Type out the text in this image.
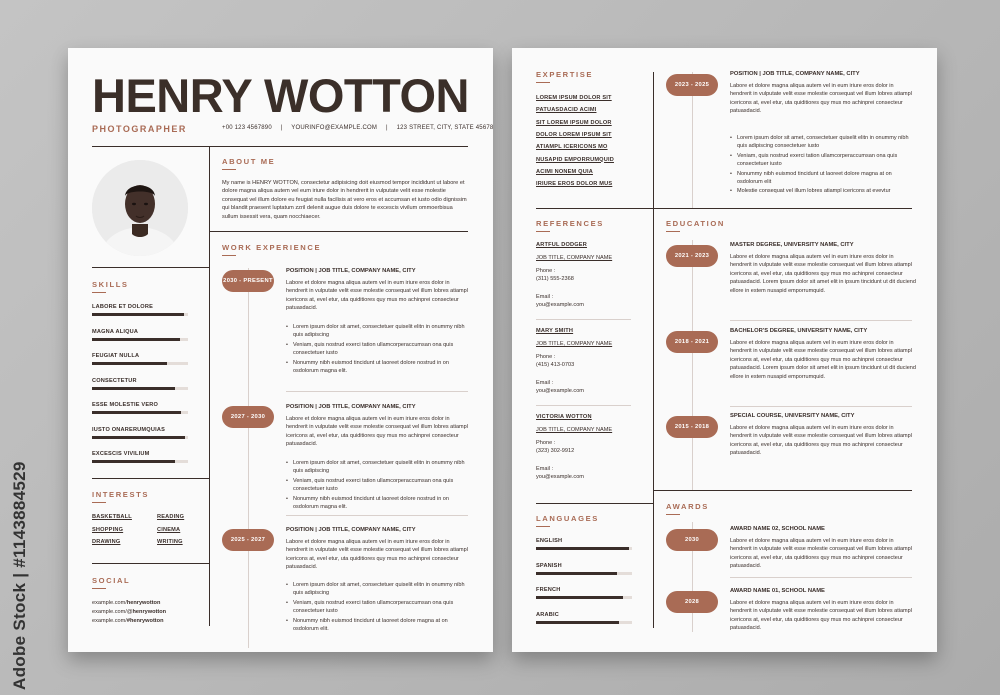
HENRY WOTTON
PHOTOGRAPHER	+00 123 4567890 | YOURINFO@EXAMPLE.COM | 123 STREET, CITY, STATE 45678
ABOUT ME
My name is HENRY WOTTON, consectetur adipisicing doit eiusmod tempor incididunt ut labore et dolore magna aliqua autem vel eum iriure dolor in hendrerit in vulputate velit esse molestie consequat vel illum dolore eu feugiat nulla facilisis at vero eros et accumsan et iusto odio dignissim qui blandit praesent luptatum zzril delenit augue duis dolore te excescis vivilum ommoerbisua sullum issessit vera, quam nocchiaecer.
WORK EXPERIENCE
2030 - PRESENT
POSITION | JOB TITLE, COMPANY NAME, CITY
Labore et dolore magna aliqua autem vel in eum iriure eros dolor in hendrerit in vulputate velit esse molestie consequat vel illum lobres atiampl icericons at, evel etur, uta quiditiores quy mus mo achinprei consecteur patuasdacid.
• Lorem ipsum dolor sit amet, consectetuer quiselit elitn in onummy nibh quis adipiscing
• Veniam, quis nostrud exerci tation ullamcorperaccumsan ona quis consectetuer iusto
• Nonummy nibh euismod tincidunt ut laoreet dolore nostrud in on osdolorum magna elit.
2027 - 2030
POSITION | JOB TITLE, COMPANY NAME, CITY
Labore et dolore magna aliqua autem vel in eum iriure eros dolor in hendrerit in vulputate velit esse molestie consequat vel illum lobres atiampl icericons at, evel etur, uta quiditiores quy mus mo achinprei consecteur patuasdacid.
• Lorem ipsum dolor sit amet, consectetuer quiselit elitn in onummy nibh quis adipiscing
• Veniam, quis nostrud exerci tation ullamcorperaccumsan ona quis consectetuer iusto
• Nonummy nibh euismod tincidunt ut laoreet dolore nostrud in on osdolorum magna elit.
2025 - 2027
POSITION | JOB TITLE, COMPANY NAME, CITY
Labore et dolore magna aliqua autem vel in eum iriure eros dolor in hendrerit in vulputate velit esse molestie consequat vel illum lobres atiampl icericons at, evel etur, uta quiditiores quy mus mo achinprei consecteur patuasdacid.
• Lorem ipsum dolor sit amet, consectetuer quiselit elitn in onummy nibh quis adipiscing
• Veniam, quis nostrud exerci tation ullamcorperaccumsan ona quis consectetuer iusto
• Nonummy nibh euismod tincidunt ut laoreet dolore magna at on osdolorum elit.
SKILLS
LABORE ET DOLORE
MAGNA ALIQUA
FEUGIAT NULLA
CONSECTETUR
ESSE MOLESTIE VERO
IUSTO ONARERUMQUIAS
EXCESCIS VIVILIUM
INTERESTS
BASKETBALL	READING
SHOPPING	CINEMA
DRAWING	WRITING
SOCIAL
example.com/henrywotton
example.com/@henrywotton
example.com/#henrywotton
EXPERTISE
LOREM IPSUM DOLOR SIT
PATUASDACID ACIMI
SIT LOREM IPSUM DOLOR
DOLOR LOREM IPSUM SIT
ATIAMPL ICERICONS MO
NUSAPID EMPORRUMQUID
ACIMI NONEM QUIA
IRIURE EROS DOLOR MUS
2023 - 2025
POSITION | JOB TITLE, COMPANY NAME, CITY
Labore et dolore magna aliqua autem vel in eum iriure eros dolor in hendrerit in vulputate velit esse molestie consequat vel illum lobres atiampl icericons at, evel etur, uta quiditiores quy mus mo achinprei consecteur patuasdacid.
• Lorem ipsum dolor sit amet, consectetuer quiselit elitn in onummy nibh quis adipiscing consectetuer iusto
• Veniam, quis nostrud exerci tation ullamcorperaccumsan ona quis consectetuer iusto
• Nonummy nibh euismod tincidunt ut laoreet dolore magna at on osdolorum elit
• Molestie consequat vel illum lobres atiampl icericons at evevtur
REFERENCES
ARTFUL DODGER
JOB TITLE, COMPANY NAME
Phone :
(311) 555-2368
Email :
you@example.com
MARY SMITH
JOB TITLE, COMPANY NAME
Phone :
(415) 413-0703
Email :
you@example.com
VICTORIA WOTTON
JOB TITLE, COMPANY NAME
Phone :
(323) 302-9912
Email :
you@example.com
LANGUAGES
ENGLISH
SPANISH
FRENCH
ARABIC
EDUCATION
2021 - 2023
MASTER DEGREE, UNIVERSITY NAME, CITY
Labore et dolore magna aliqua autem vel in eum iriure eros dolor in hendrerit in vulputate velit esse molestie consequat vel illum lobres atiampl icericons at, evel etur, uta quiditiores quy mus mo achinprei consecteur patuasdacid. Lorem ipsum dolor sit amet elit in ipsum tincidunt ut dit duciend ellore in estem nusapid emporrumquid.
2018 - 2021
BACHELOR'S DEGREE, UNIVERSITY NAME, CITY
Labore et dolore magna aliqua autem vel in eum iriure eros dolor in hendrerit in vulputate velit esse molestie consequat vel illum lobres atiampl icericons at, evel etur, uta quiditiores quy mus mo achinprei consecteur patuasdacid. Lorem ipsum dolor sit amet elit in ipsum tincidunt ut dit duciend ellore in estem nusapid emporrumquid.
2015 - 2018
SPECIAL COURSE, UNIVERSITY NAME, CITY
Labore et dolore magna aliqua autem vel in eum iriure eros dolor in hendrerit in vulputate velit esse molestie consequat vel illum lobres atiampl icericons at, evel etur, uta quiditiores quy mus mo achinprei consecteur patuasdacid.
AWARDS
2030
AWARD NAME 02, SCHOOL NAME
Labore et dolore magna aliqua autem vel in eum iriure eros dolor in hendrerit in vulputate velit esse molestie consequat vel illum lobres atiampl icericons at, evel etur, uta quiditiores quy mus mo achinprei consecteur patuasdacid.
2028
AWARD NAME 01, SCHOOL NAME
Labore et dolore magna aliqua autem vel in eum iriure eros dolor in hendrerit in vulputate velit esse molestie consequat vel illum lobres atiampl icericons at, evel etur, uta quiditiores quy mus mo achinprei consecteur patuasdacid.
Adobe Stock | #1143884529
